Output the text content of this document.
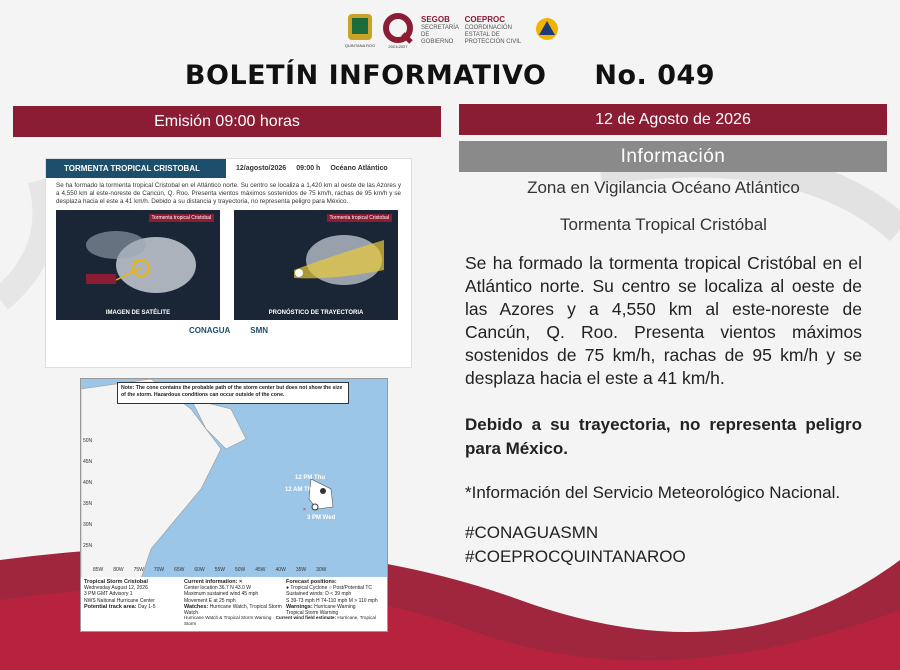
QUINTANA ROO	2021•2027
SEGOB
SECRETARÍA DE GOBIERNO
COEPROC
COORDINACIÓN ESTATAL DE PROTECCIÓN CIVIL
BOLETÍN INFORMATIVO No. 049
Emisión 09:00 horas	12 de Agosto de 2026
Información
TORMENTA TROPICAL CRISTOBAL	12/agosto/2026 09:00 h Océano Atlántico
Se ha formado la tormenta tropical Cristobal en el Atlántico norte. Su centro se localiza a 1,420 km al oeste de las Azores y a 4,550 km al este-noreste de Cancún, Q. Roo. Presenta vientos máximos sostenidos de 75 km/h, rachas de 95 km/h y se desplaza hacia el este a 41 km/h. Debido a su distancia y trayectoria, no representa peligro para México.
Tormenta tropical Cristobal
IMAGEN DE SATÉLITE
Tormenta tropical Cristobal
PRONÓSTICO DE TRAYECTORIA
CONAGUA	SMN
×
Note: The cone contains the probable path of the storm center but does not show the size of the storm. Hazardous conditions can occur outside of the cone.
12 PM Thu
12 AM Thu
3 PM Wed
50N
45N
40N
35N
30N
25N
85W 80W 75W 70W 65W 60W 55W 50W 45W 40W 35W 30W
Tropical Storm Cristobal
Wednesday August 12, 2026
3 PM GMT Advisory 1
NWS National Hurricane Center
Potential track area: Day 1-5
Current information: ×
Center location 36.7 N 43.0 W
Maximum sustained wind 45 mph
Movement E at 25 mph
Watches: Hurricane Watch, Tropical Storm Watch
Forecast positions:
● Tropical Cyclone ○ Post/Potential TC
Sustained winds: D < 39 mph
S 39-73 mph H 74-110 mph M > 110 mph
Warnings: Hurricane Warning
Tropical Storm Warning
Hurricane Watch & Tropical Storm Warning · Current wind field estimate: Hurricane, Tropical Storm
Zona en Vigilancia Océano Atlántico
Tormenta Tropical Cristóbal
Se ha formado la tormenta tropical Cristóbal en el Atlántico norte. Su centro se localiza al oeste de las Azores y a 4,550 km al este-noreste de Cancún, Q. Roo. Presenta vientos máximos sostenidos de 75 km/h, rachas de 95 km/h y se desplaza hacia el este a 41 km/h.
Debido a su trayectoria, no representa peligro para México.
*Información del Servicio Meteorológico Nacional.
#CONAGUASMN
#COEPROCQUINTANAROO
